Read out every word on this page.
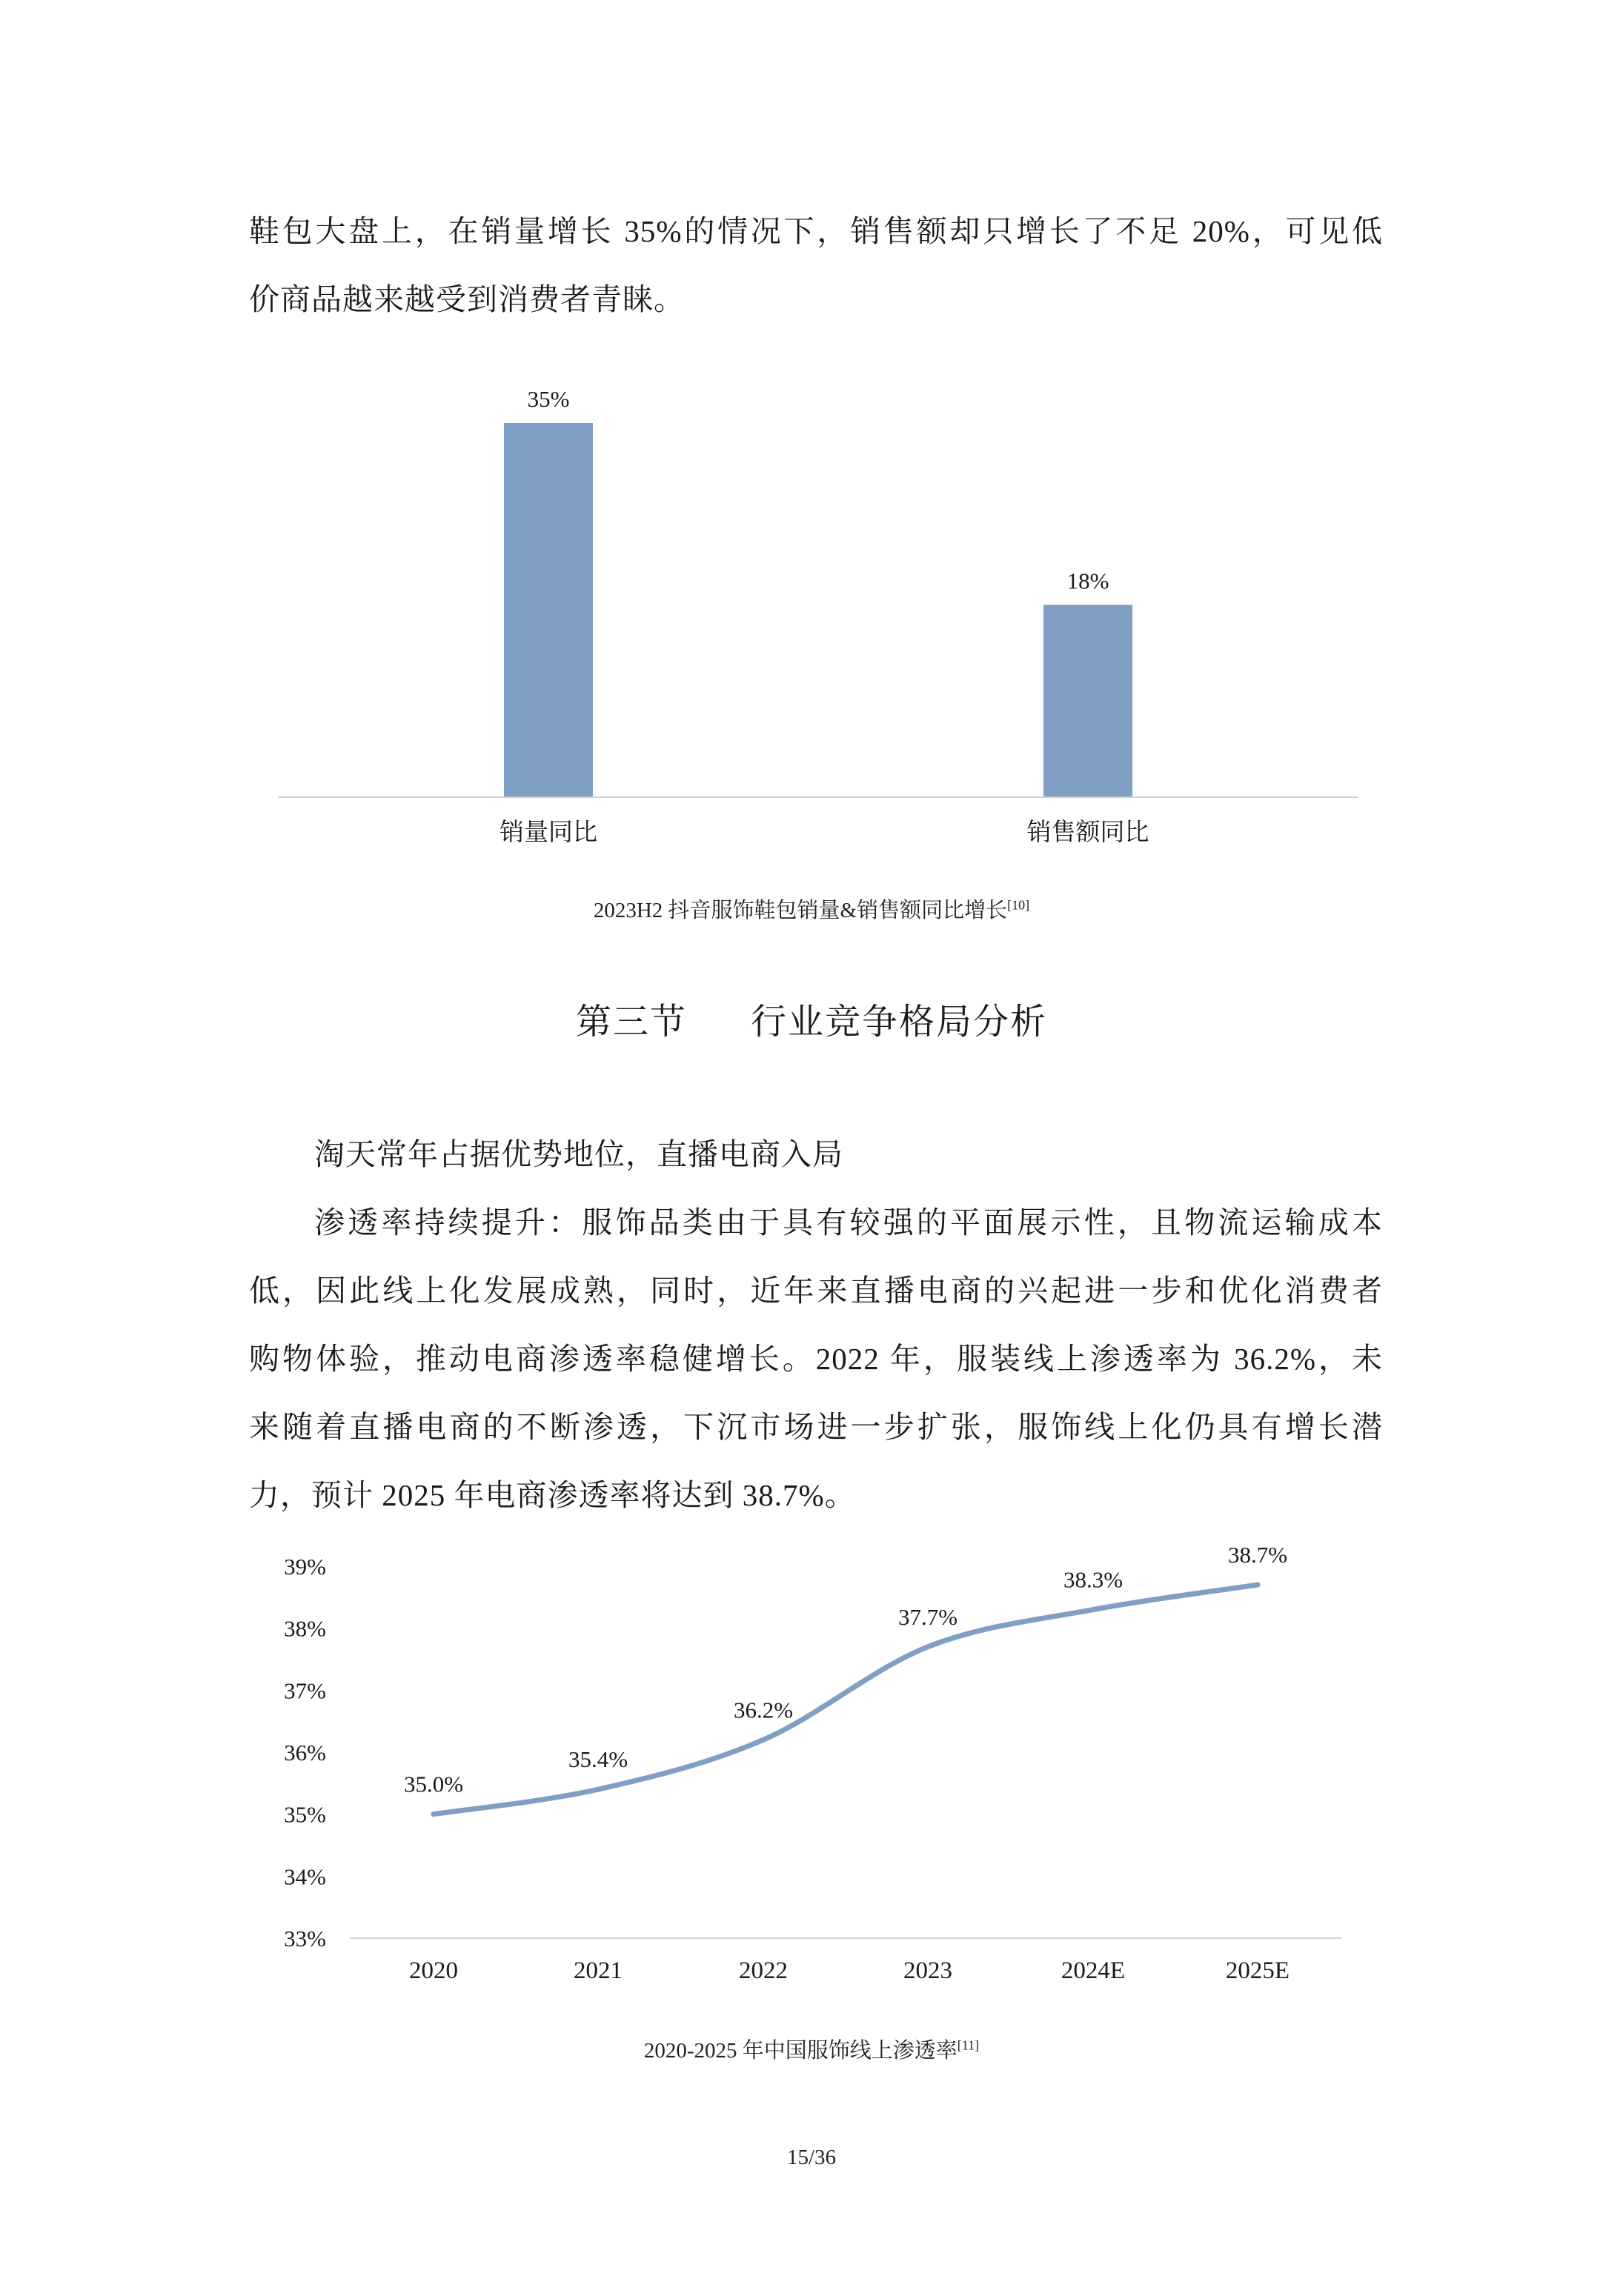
鞋包大盘上，在销量增长 35%的情况下，销售额却只增长了不足 20%，可见低

价商品越来越受到消费者青睐。

35%
销量同比
18%
销售额同比
2023H2 抖音服饰鞋包销量&销售额同比增长[10]
第三节 行业竞争格局分析

淘天常年占据优势地位，直播电商入局

渗透率持续提升：服饰品类由于具有较强的平面展示性，且物流运输成本

低，因此线上化发展成熟，同时，近年来直播电商的兴起进一步和优化消费者

购物体验，推动电商渗透率稳健增长。2022 年，服装线上渗透率为 36.2%，未

来随着直播电商的不断渗透，下沉市场进一步扩张，服饰线上化仍具有增长潜

力，预计 2025 年电商渗透率将达到 38.7%。

33%
34%
35%
36%
37%
38%
39%
2020	2021	2022	2023	2024E	2025E
35.0%
35.4%
36.2%
37.7%
38.3%
38.7%
2020-2025 年中国服饰线上渗透率[11]
15/36
